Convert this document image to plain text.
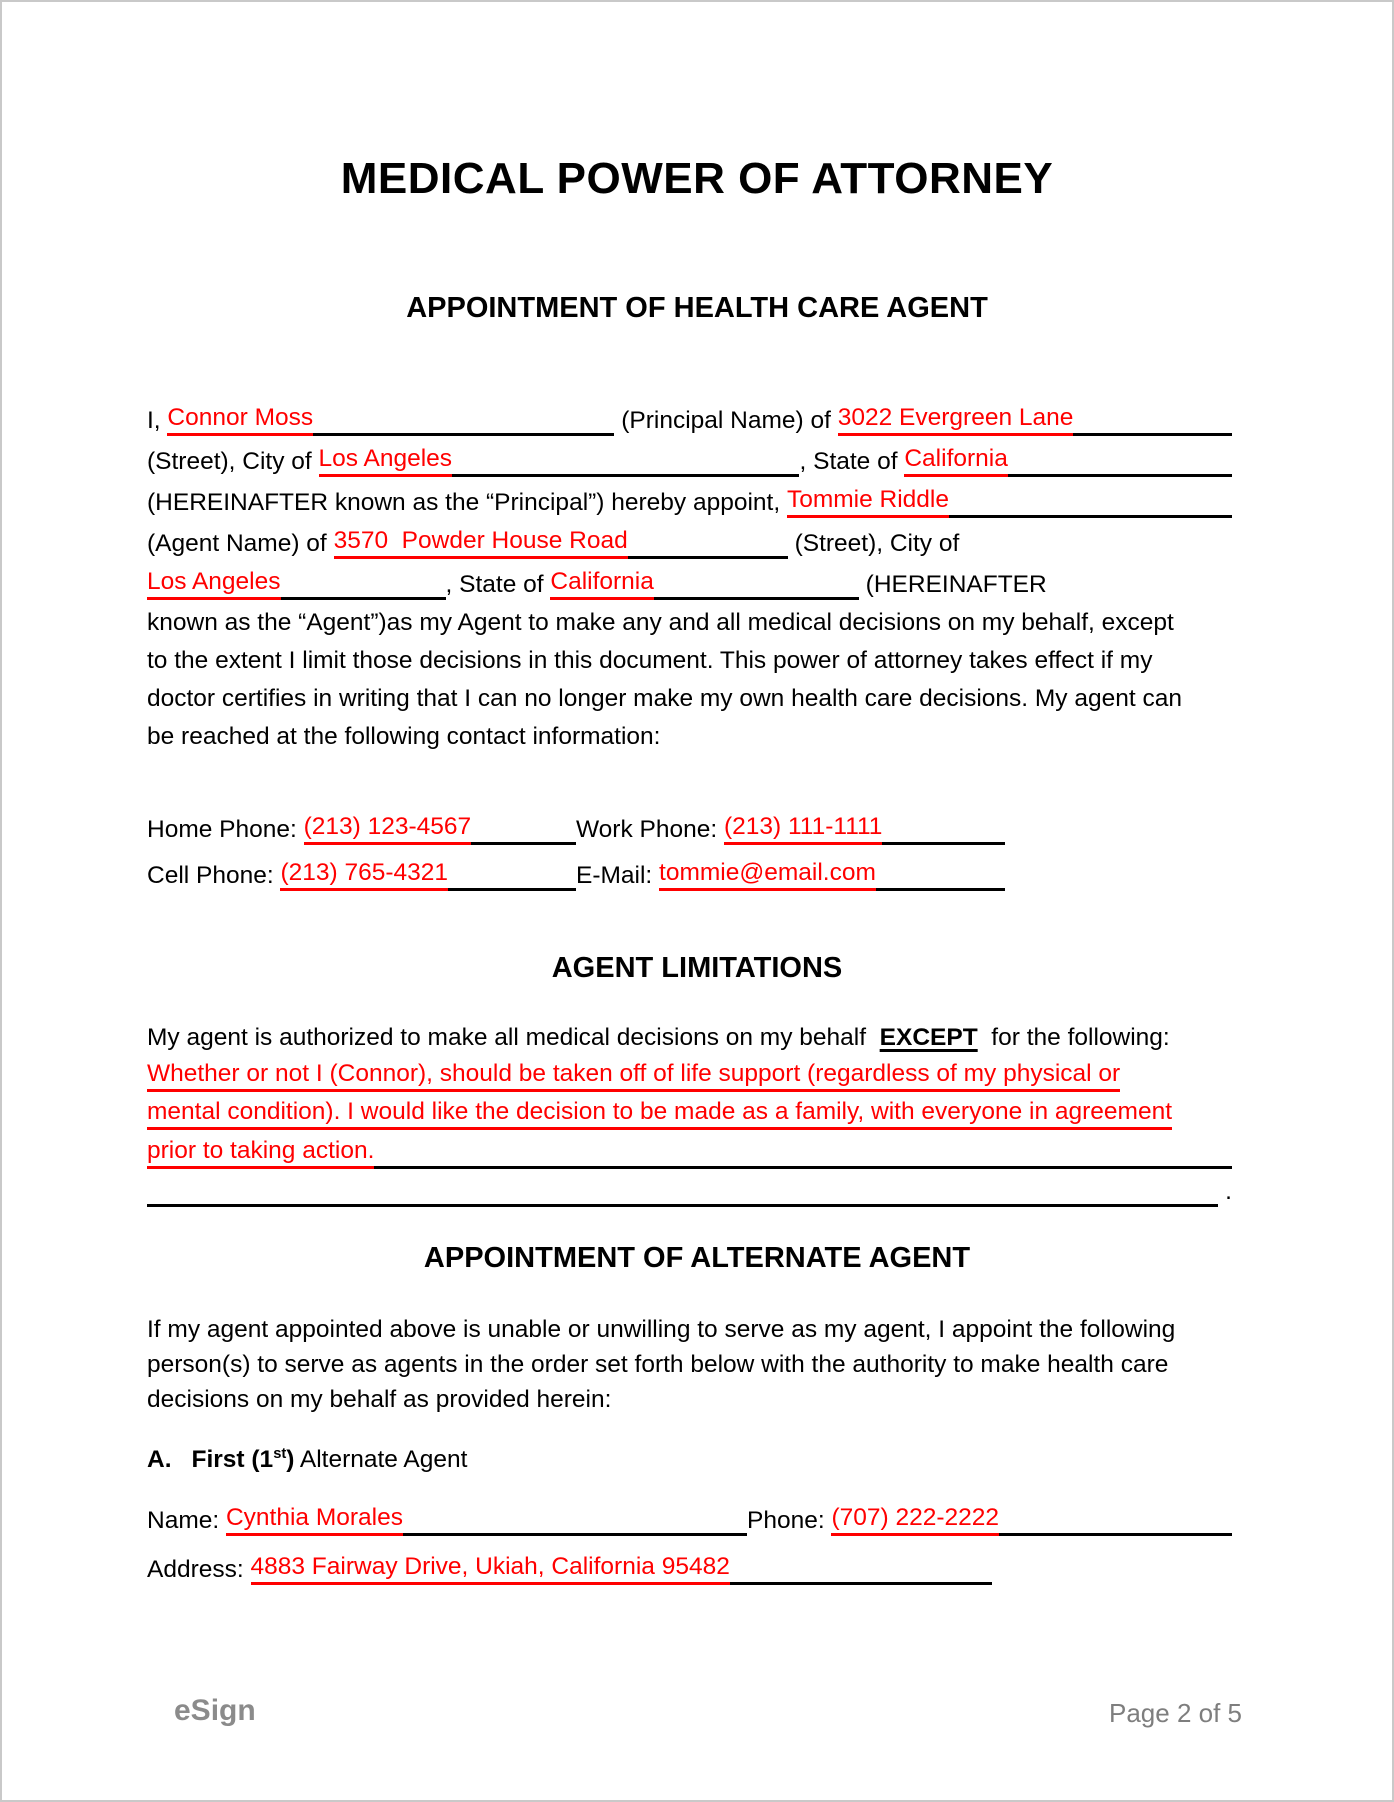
MEDICAL POWER OF ATTORNEY
APPOINTMENT OF HEALTH CARE AGENT
I, Connor Moss	(Principal Name) of 3022 Evergreen Lane
(Street), City of Los Angeles	, State of California
(HEREINAFTER known as the “Principal”) hereby appoint, Tommie Riddle
(Agent Name) of 3570  Powder House Road	(Street), City of
Los Angeles	, State of California	(HEREINAFTER
known as the “Agent”)as my Agent to make any and all medical decisions on my behalf, except
to the extent I limit those decisions in this document. This power of attorney takes effect if my
doctor certifies in writing that I can no longer make my own health care decisions. My agent can
be reached at the following contact information:
Home Phone: (213) 123-4567	Work Phone: (213) 111-1111
Cell Phone: (213) 765-4321	E-Mail: tommie@email.com
AGENT LIMITATIONS
My agent is authorized to make all medical decisions on my behalf  EXCEPT  for the following:
Whether or not I (Connor), should be taken off of life support (regardless of my physical or
mental condition). I would like the decision to be made as a family, with everyone in agreement
prior to taking action.
.
APPOINTMENT OF ALTERNATE AGENT
If my agent appointed above is unable or unwilling to serve as my agent, I appoint the following
person(s) to serve as agents in the order set forth below with the authority to make health care
decisions on my behalf as provided herein:
A. First (1st) Alternate Agent
Name: Cynthia Morales	Phone: (707) 222-2222
Address: 4883 Fairway Drive, Ukiah, California 95482
eSign	Page 2 of 5
